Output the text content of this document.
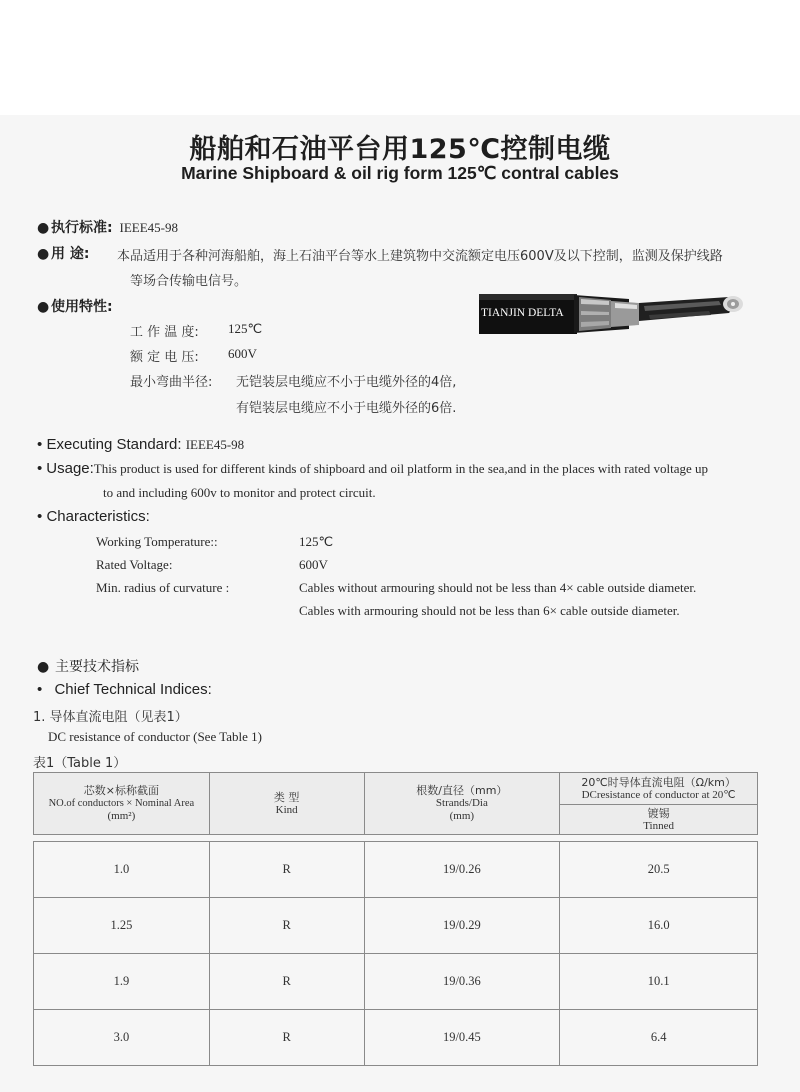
船舶和石油平台用125℃控制电缆
Marine Shipboard & oil rig form 125℃ contral cables
● 执行标准: IEEE45-98
● 用 途: 本品适用于各种河海船舶，海上石油平台等水上建筑物中交流额定电压600V及以下控制，监测及保护线路
等场合传输电信号。
● 使用特性:
工 作 温 度: 125℃
额 定 电 压: 600V
最小弯曲半径: 无铠装层电缆应不小于电缆外径的4倍,
有铠装层电缆应不小于电缆外径的6倍.
TIANJIN DELTA
• Executing Standard: IEEE45-98
• Usage:This product is used for different kinds of shipboard and oil platform in the sea,and in the places with rated voltage up
to and including 600v to monitor and protect circuit.
• Characteristics:
Working Tomperature::	125℃
Rated Voltage:	600V
Min. radius of curvature :	Cables without armouring should not be less than 4× cable outside diameter.
Cables with armouring should not be less than 6× cable outside diameter.
● 主要技术指标
• Chief Technical Indices:
1. 导体直流电阻（见表1）
DC resistance of conductor (See Table 1)
表1（Table 1）
芯数×标称截面
NO.of conductors × Nominal Area
(mm²)

类 型
Kind

根数/直径（mm）
Strands/Dia
(mm)

20℃时导体直流电阻（Ω/km）
DCresistance of conductor at 20℃

镀锡
Tinned
1.0	R	19/0.26	20.5
1.25	R	19/0.29	16.0
1.9	R	19/0.36	10.1
3.0	R	19/0.45	6.4
